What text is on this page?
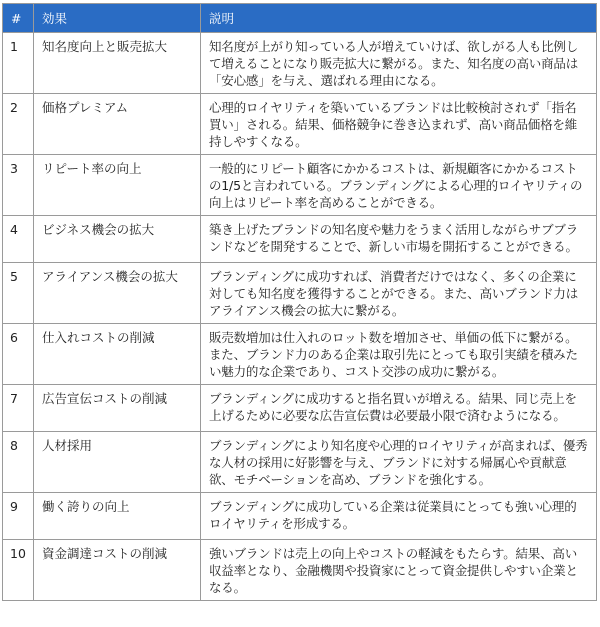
#	効果	説明
1	知名度向上と販売拡大	知名度が上がり知っている人が増えていけば、欲しがる人も比例して増えることになり販売拡大に繋がる。また、知名度の高い商品は「安心感」を与え、選ばれる理由になる。
2	価格プレミアム	心理的ロイヤリティを築いているブランドは比較検討されず「指名買い」される。結果、価格競争に巻き込まれず、高い商品価格を維持しやすくなる。
3	リピート率の向上	一般的にリピート顧客にかかるコストは、新規顧客にかかるコストの1/5と言われている。ブランディングによる心理的ロイヤリティの向上はリピート率を高めることができる。
4	ビジネス機会の拡大	築き上げたブランドの知名度や魅力をうまく活用しながらサブブランドなどを開発することで、新しい市場を開拓することができる。
5	アライアンス機会の拡大	ブランディングに成功すれば、消費者だけではなく、多くの企業に対しても知名度を獲得することができる。また、高いブランド力はアライアンス機会の拡大に繋がる。
6	仕入れコストの削減	販売数増加は仕入れのロット数を増加させ、単価の低下に繋がる。また、ブランド力のある企業は取引先にとっても取引実績を積みたい魅力的な企業であり、コスト交渉の成功に繋がる。
7	広告宣伝コストの削減	ブランディングに成功すると指名買いが増える。結果、同じ売上を上げるために必要な広告宣伝費は必要最小限で済むようになる。
8	人材採用	ブランディングにより知名度や心理的ロイヤリティが高まれば、優秀な人材の採用に好影響を与え、ブランドに対する帰属心や貢献意欲、モチベーションを高め、ブランドを強化する。
9	働く誇りの向上	ブランディングに成功している企業は従業員にとっても強い心理的ロイヤリティを形成する。
10	資金調達コストの削減	強いブランドは売上の向上やコストの軽減をもたらす。結果、高い収益率となり、金融機関や投資家にとって資金提供しやすい企業となる。
